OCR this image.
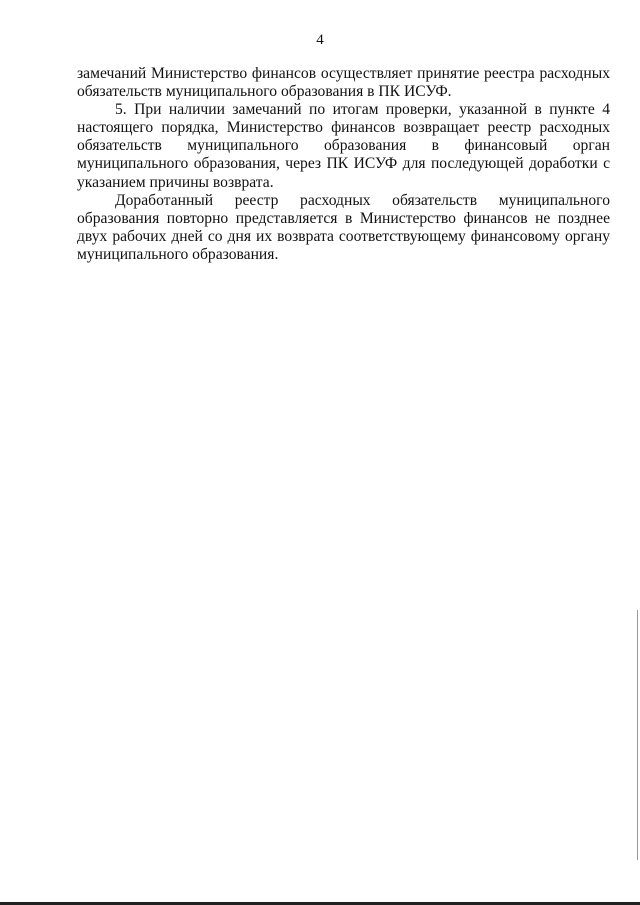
4

замечаний Министерство финансов осуществляет принятие реестра расходных обязательств муниципального образования в ПК ИСУФ.

5. При наличии замечаний по итогам проверки, указанной в пункте 4 настоящего порядка, Министерство финансов возвращает реестр расходных обязательств муниципального образования в финансовый орган муниципального образования, через ПК ИСУФ для последующей доработки с указанием причины возврата.

Доработанный реестр расходных обязательств муниципального образования повторно представляется в Министерство финансов не позднее двух рабочих дней со дня их возврата соответствующему финансовому органу муниципального образования.
